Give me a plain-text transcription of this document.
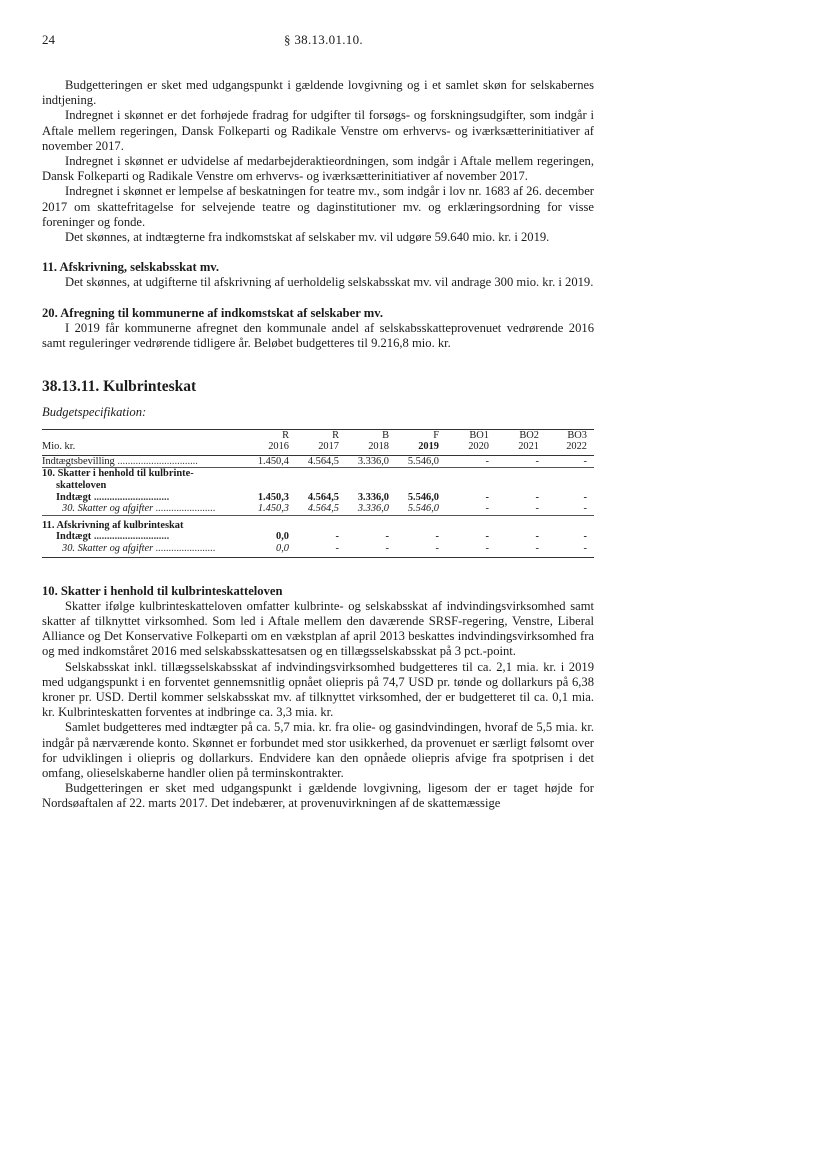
24	§ 38.13.01.10.

Budgetteringen er sket med udgangspunkt i gældende lovgivning og i et samlet skøn for selskabernes indtjening.

Indregnet i skønnet er det forhøjede fradrag for udgifter til forsøgs- og forskningsudgifter, som indgår i Aftale mellem regeringen, Dansk Folkeparti og Radikale Venstre om erhvervs- og iværksætterinitiativer af november 2017.

Indregnet i skønnet er udvidelse af medarbejderaktieordningen, som indgår i Aftale mellem regeringen, Dansk Folkeparti og Radikale Venstre om erhvervs- og iværksætterinitiativer af november 2017.

Indregnet i skønnet er lempelse af beskatningen for teatre mv., som indgår i lov nr. 1683 af 26. december 2017 om skattefritagelse for selvejende teatre og daginstitutioner mv. og erklæringsordning for visse foreninger og fonde.

Det skønnes, at indtægterne fra indkomstskat af selskaber mv. vil udgøre 59.640 mio. kr. i 2019.

11. Afskrivning, selskabsskat mv.

Det skønnes, at udgifterne til afskrivning af uerholdelig selskabsskat mv. vil andrage 300 mio. kr. i 2019.

20. Afregning til kommunerne af indkomstskat af selskaber mv.

I 2019 får kommunerne afregnet den kommunale andel af selskabsskatteprovenuet vedrørende 2016 samt reguleringer vedrørende tidligere år. Beløbet budgetteres til 9.216,8 mio. kr.

38.13.11. Kulbrinteskat

Budgetspecifikation:

	R	R	B	F	BO1	BO2	BO3
Mio. kr.	2016	2017	2018	2019	2020	2021	2022
Indtægtsbevilling ...............................	1.450,4	4.564,5	3.336,0	5.546,0	-	-	-
10. Skatter i henhold til kulbrinte-							
skatteloven							
Indtægt .............................	1.450,3	4.564,5	3.336,0	5.546,0	-	-	-
30. Skatter og afgifter .......................	1.450,3	4.564,5	3.336,0	5.546,0	-	-	-
11. Afskrivning af kulbrinteskat							
Indtægt .............................	0,0	-	-	-	-	-	-
30. Skatter og afgifter .......................	0,0	-	-	-	-	-	-

10. Skatter i henhold til kulbrinteskatteloven

Skatter ifølge kulbrinteskatteloven omfatter kulbrinte- og selskabsskat af indvindingsvirksomhed samt skatter af tilknyttet virksomhed. Som led i Aftale mellem den daværende SRSF-regering, Venstre, Liberal Alliance og Det Konservative Folkeparti om en vækstplan af april 2013 beskattes indvindingsvirksomhed fra og med indkomståret 2016 med selskabsskattesatsen og en tillægsselskabsskat på 3 pct.-point.

Selskabsskat inkl. tillægsselskabsskat af indvindingsvirksomhed budgetteres til ca. 2,1 mia. kr. i 2019 med udgangspunkt i en forventet gennemsnitlig opnået oliepris på 74,7 USD pr. tønde og dollarkurs på 6,38 kroner pr. USD. Dertil kommer selskabsskat mv. af tilknyttet virksomhed, der er budgetteret til ca. 0,1 mia. kr. Kulbrinteskatten forventes at indbringe ca. 3,3 mia. kr.

Samlet budgetteres med indtægter på ca. 5,7 mia. kr. fra olie- og gasindvindingen, hvoraf de 5,5 mia. kr. indgår på nærværende konto. Skønnet er forbundet med stor usikkerhed, da provenuet er særligt følsomt over for udviklingen i oliepris og dollarkurs. Endvidere kan den opnåede oliepris afvige fra spotprisen i det omfang, olieselskaberne handler olien på terminskontrakter.

Budgetteringen er sket med udgangspunkt i gældende lovgivning, ligesom der er taget højde for Nordsøaftalen af 22. marts 2017. Det indebærer, at provenuvirkningen af de skattemæssige
